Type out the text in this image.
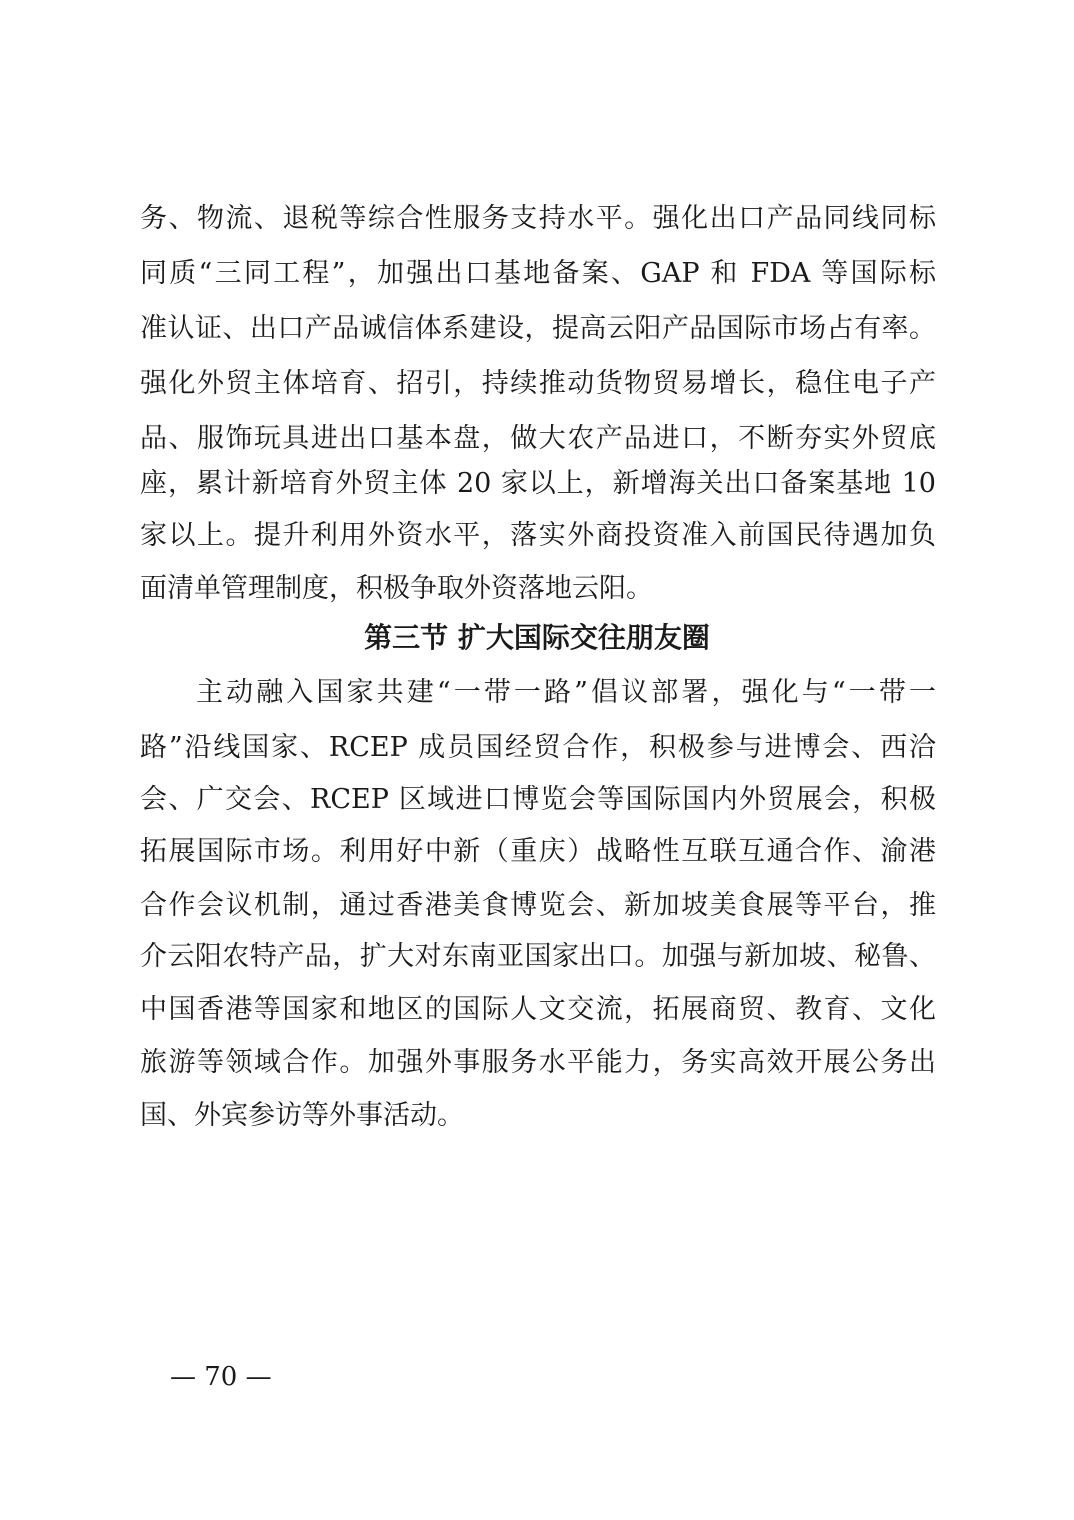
务、物流、退税等综合性服务支持水平。强化出口产品同线同标
同质“三同工程”，加强出口基地备案、GAP 和 FDA 等国际标
准认证、出口产品诚信体系建设，提高云阳产品国际市场占有率。
强化外贸主体培育、招引，持续推动货物贸易增长，稳住电子产
品、服饰玩具进出口基本盘，做大农产品进口，不断夯实外贸底
座，累计新培育外贸主体 20 家以上，新增海关出口备案基地 10
家以上。提升利用外资水平，落实外商投资准入前国民待遇加负
面清单管理制度，积极争取外资落地云阳。
第三节 扩大国际交往朋友圈
主动融入国家共建“一带一路”倡议部署，强化与“一带一
路”沿线国家、RCEP 成员国经贸合作，积极参与进博会、西洽
会、广交会、RCEP 区域进口博览会等国际国内外贸展会，积极
拓展国际市场。利用好中新（重庆）战略性互联互通合作、渝港
合作会议机制，通过香港美食博览会、新加坡美食展等平台，推
介云阳农特产品，扩大对东南亚国家出口。加强与新加坡、秘鲁、
中国香港等国家和地区的国际人文交流，拓展商贸、教育、文化
旅游等领域合作。加强外事服务水平能力，务实高效开展公务出
国、外宾参访等外事活动。
— 70 —
